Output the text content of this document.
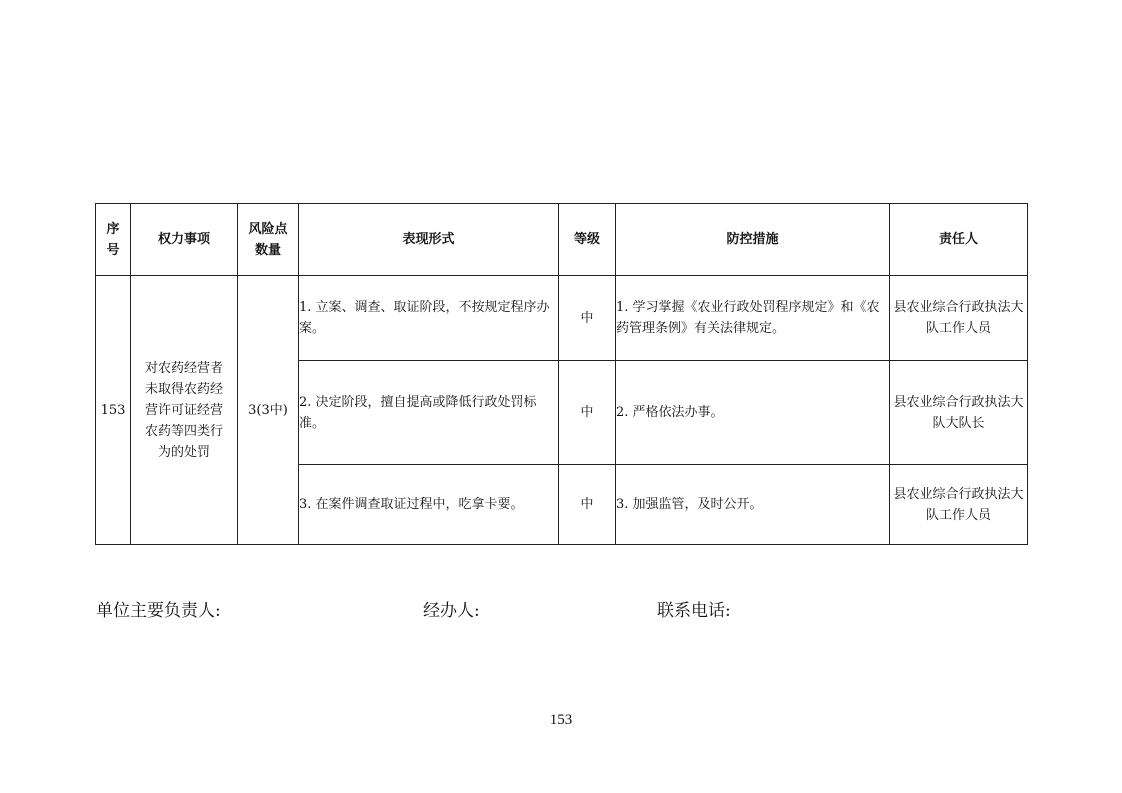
序号	权力事项	风险点数量	表现形式	等级	防控措施	责任人
153	对农药经营者未取得农药经营许可证经营农药等四类行为的处罚	3(3中)	1. 立案、调查、取证阶段，不按规定程序办案。	中	1. 学习掌握《农业行政处罚程序规定》和《农药管理条例》有关法律规定。	县农业综合行政执法大队工作人员
			2. 决定阶段，擅自提高或降低行政处罚标准。	中	2. 严格依法办事。	县农业综合行政执法大队大队长
			3. 在案件调查取证过程中，吃拿卡要。	中	3. 加强监管，及时公开。	县农业综合行政执法大队工作人员
单位主要负责人:	经办人:	联系电话:
153
